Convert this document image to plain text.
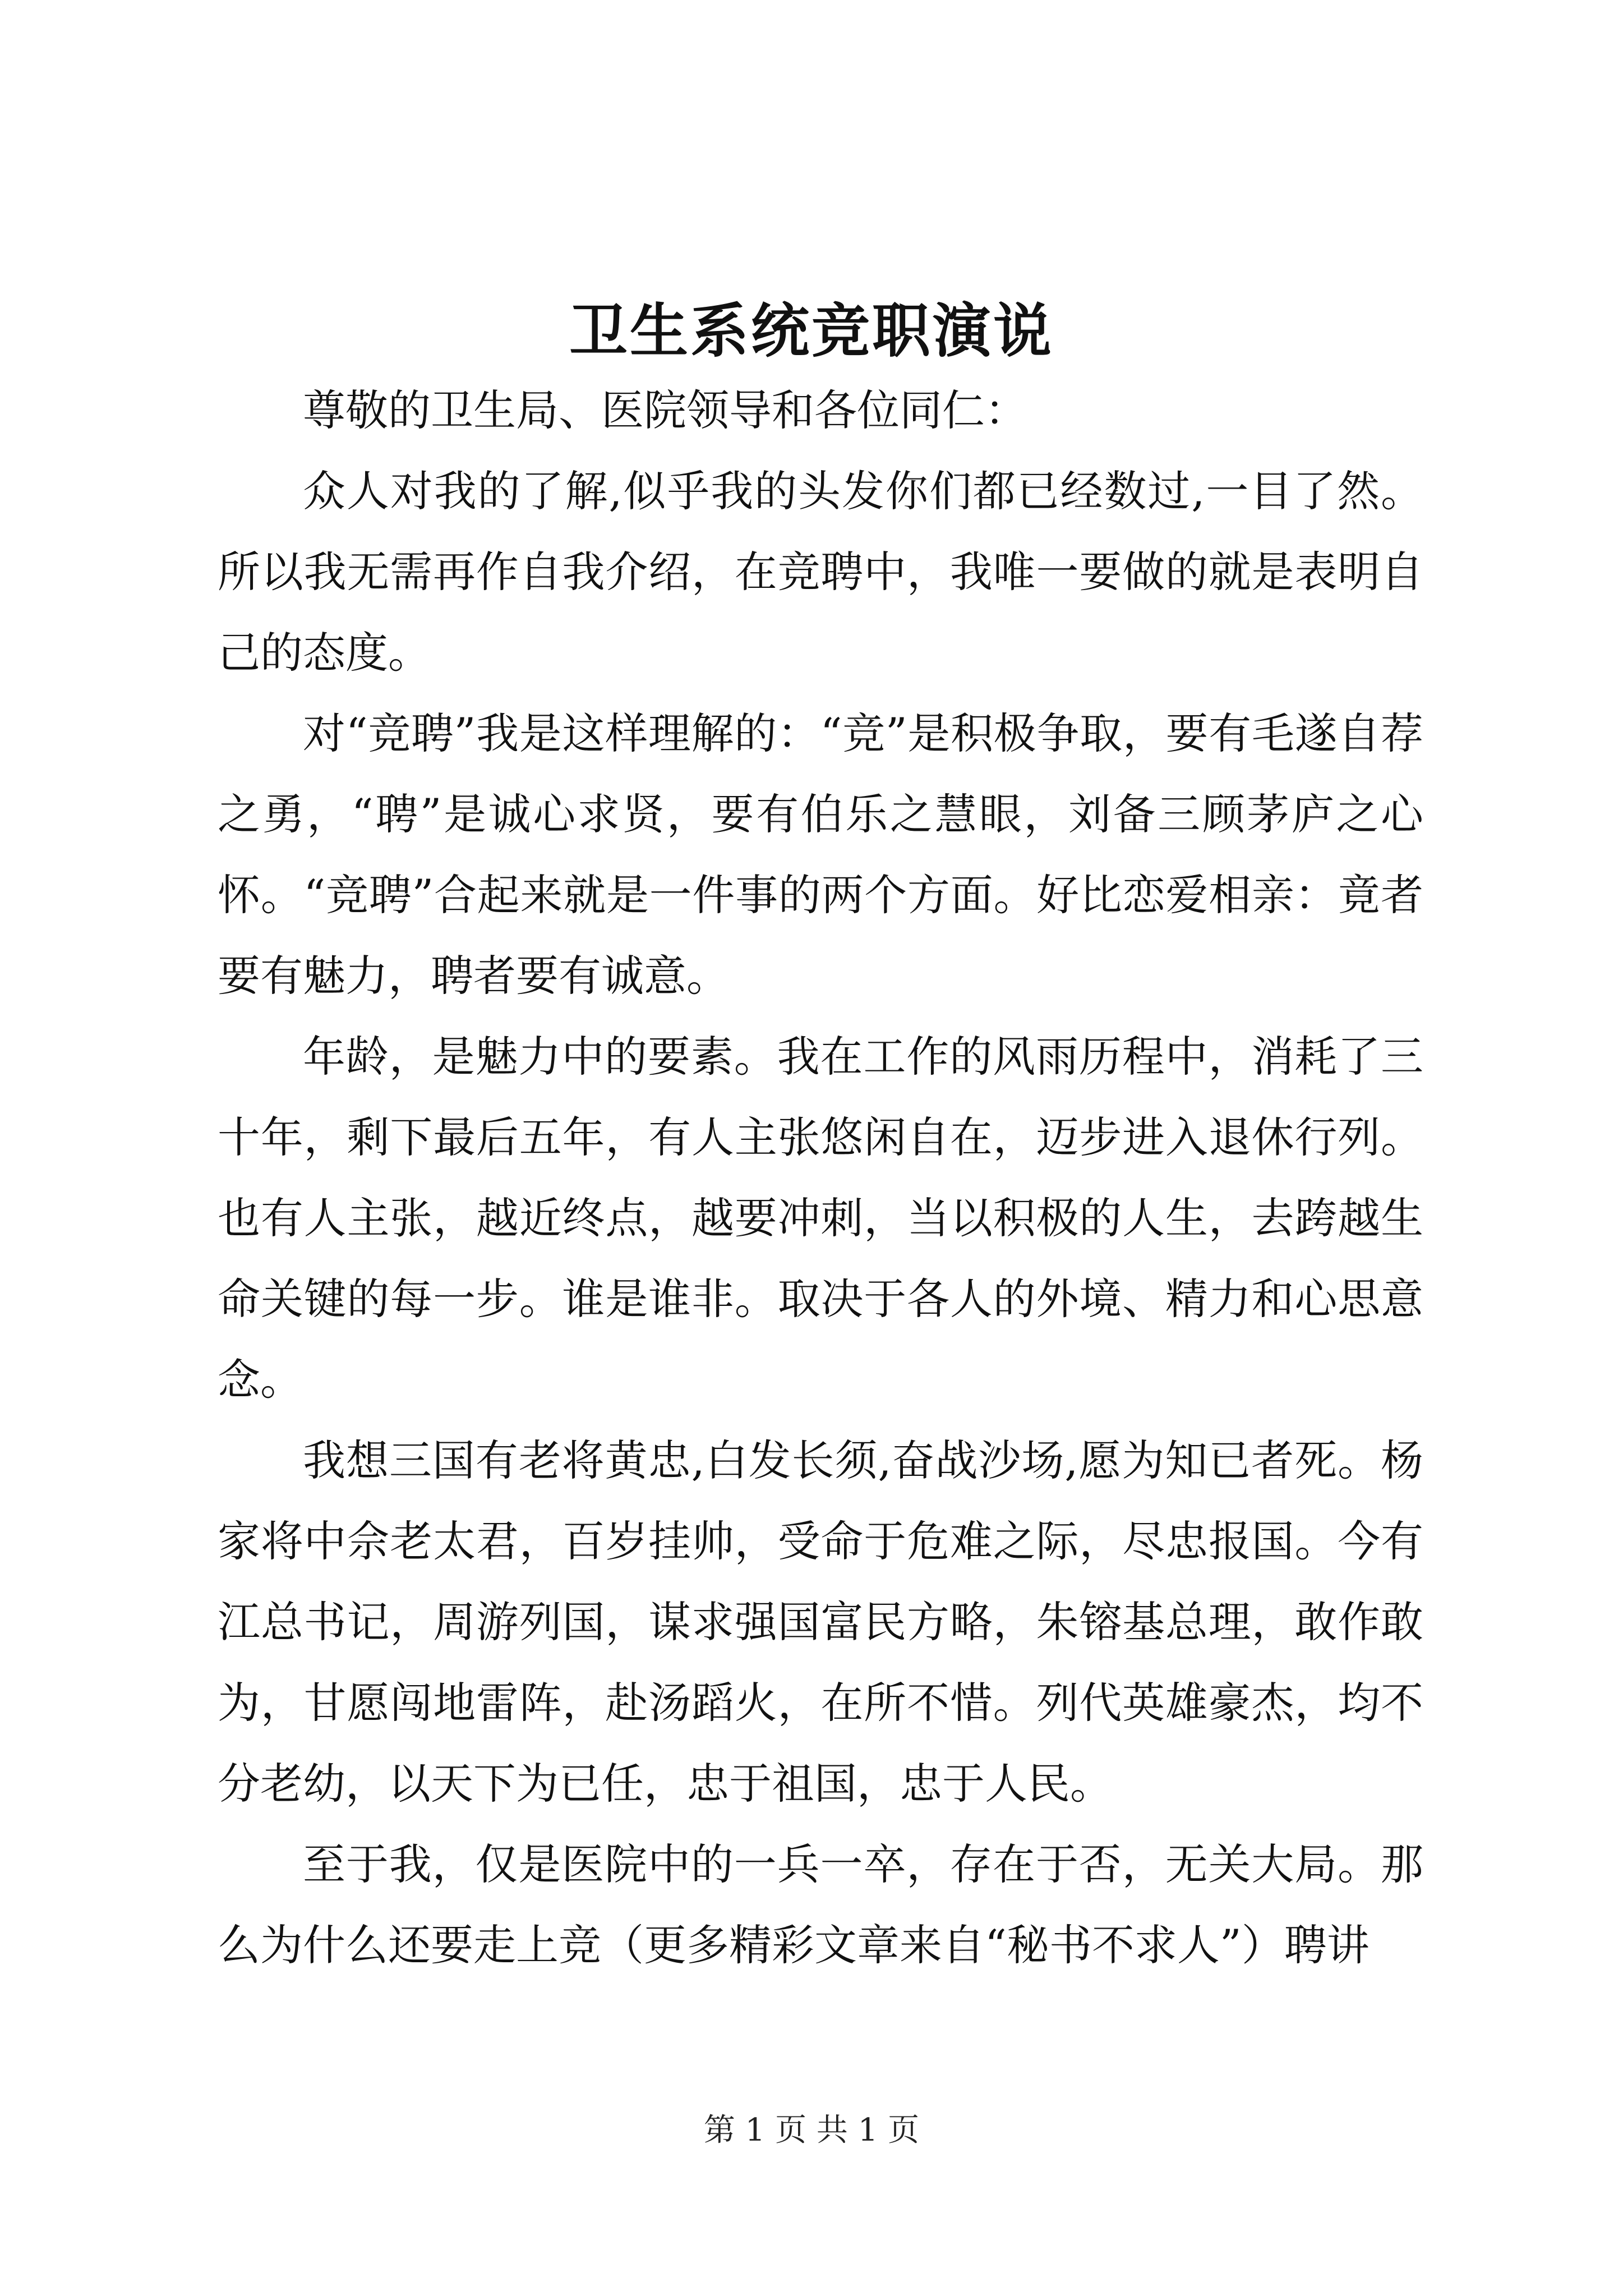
卫生系统竞职演说

尊敬的卫生局、医院领导和各位同仁：

众人对我的了解,似乎我的头发你们都已经数过,一目了然。所以我无需再作自我介绍，在竞聘中，我唯一要做的就是表明自己的态度。

对“竞聘”我是这样理解的：“竞”是积极争取，要有毛遂自荐之勇，“聘”是诚心求贤，要有伯乐之慧眼，刘备三顾茅庐之心怀。“竞聘”合起来就是一件事的两个方面。好比恋爱相亲：竟者要有魅力，聘者要有诚意。

年龄，是魅力中的要素。我在工作的风雨历程中，消耗了三十年，剩下最后五年，有人主张悠闲自在，迈步进入退休行列。也有人主张，越近终点，越要冲刺，当以积极的人生，去跨越生命关键的每一步。谁是谁非。取决于各人的外境、精力和心思意念。

我想三国有老将黄忠,白发长须,奋战沙场,愿为知已者死。杨家将中佘老太君，百岁挂帅，受命于危难之际，尽忠报国。今有江总书记，周游列国，谋求强国富民方略，朱镕基总理，敢作敢为，甘愿闯地雷阵，赴汤蹈火，在所不惜。列代英雄豪杰，均不分老幼，以天下为已任，忠于祖国，忠于人民。

至于我，仅是医院中的一兵一卒，存在于否，无关大局。那么为什么还要走上竞（更多精彩文章来自“秘书不求人”）聘讲

第 1 页 共 1 页
